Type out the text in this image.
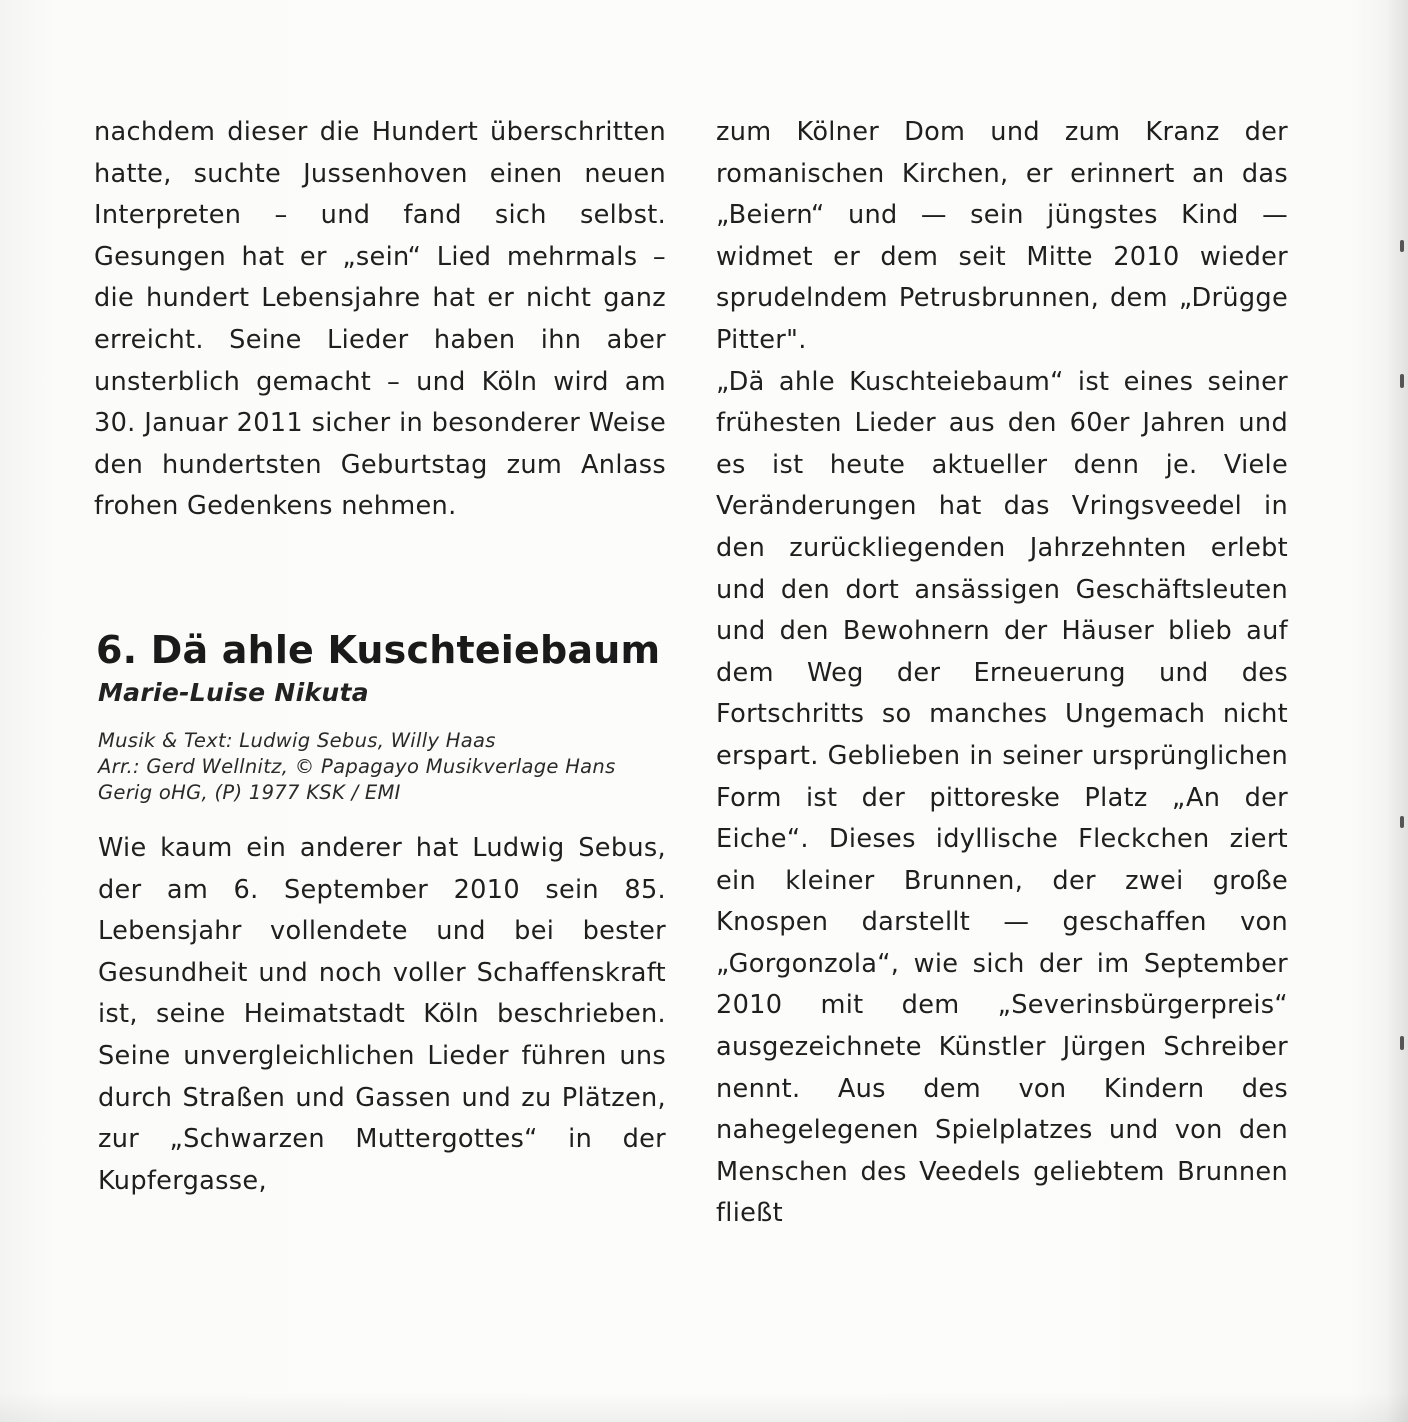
nachdem dieser die Hundert überschritten hatte, suchte Jussenhoven einen neuen Interpreten – und fand sich selbst. Gesungen hat er „sein“ Lied mehrmals – die hundert Lebensjahre hat er nicht ganz erreicht. Seine Lieder haben ihn aber unsterblich gemacht – und Köln wird am 30. Januar 2011 sicher in besonderer Weise den hundertsten Geburtstag zum Anlass frohen Gedenkens nehmen.

6. Dä ahle Kuschteiebaum
Marie-Luise Nikuta
Musik & Text: Ludwig Sebus, Willy Haas
Arr.: Gerd Wellnitz, © Papagayo Musikverlage Hans
Gerig oHG, (P) 1977 KSK / EMI

Wie kaum ein anderer hat Ludwig Sebus, der am 6. September 2010 sein 85. Lebensjahr vollendete und bei bester Gesundheit und noch voller Schaffenskraft ist, seine Heimatstadt Köln beschrieben. Seine unvergleichlichen Lieder führen uns durch Straßen und Gassen und zu Plätzen, zur „Schwarzen Muttergottes“ in der Kupfergasse,

zum Kölner Dom und zum Kranz der romanischen Kirchen, er erinnert an das „Beiern“ und — sein jüngstes Kind — widmet er dem seit Mitte 2010 wieder sprudelndem Petrusbrunnen, dem „Drügge Pitter".

„Dä ahle Kuschteiebaum“ ist eines seiner frühesten Lieder aus den 60er Jahren und es ist heute aktueller denn je. Viele Veränderungen hat das Vringsveedel in den zurückliegenden Jahrzehnten erlebt und den dort ansässigen Geschäftsleuten und den Bewohnern der Häuser blieb auf dem Weg der Erneuerung und des Fortschritts so manches Ungemach nicht erspart. Geblieben in seiner ursprünglichen Form ist der pittoreske Platz „An der Eiche“. Dieses idyllische Fleckchen ziert ein kleiner Brunnen, der zwei große Knospen darstellt — geschaffen von „Gorgonzola“, wie sich der im September 2010 mit dem „Severinsbürgerpreis“ ausgezeichnete Künstler Jürgen Schreiber nennt. Aus dem von Kindern des nahegelegenen Spielplatzes und von den Menschen des Veedels geliebtem Brunnen fließt
